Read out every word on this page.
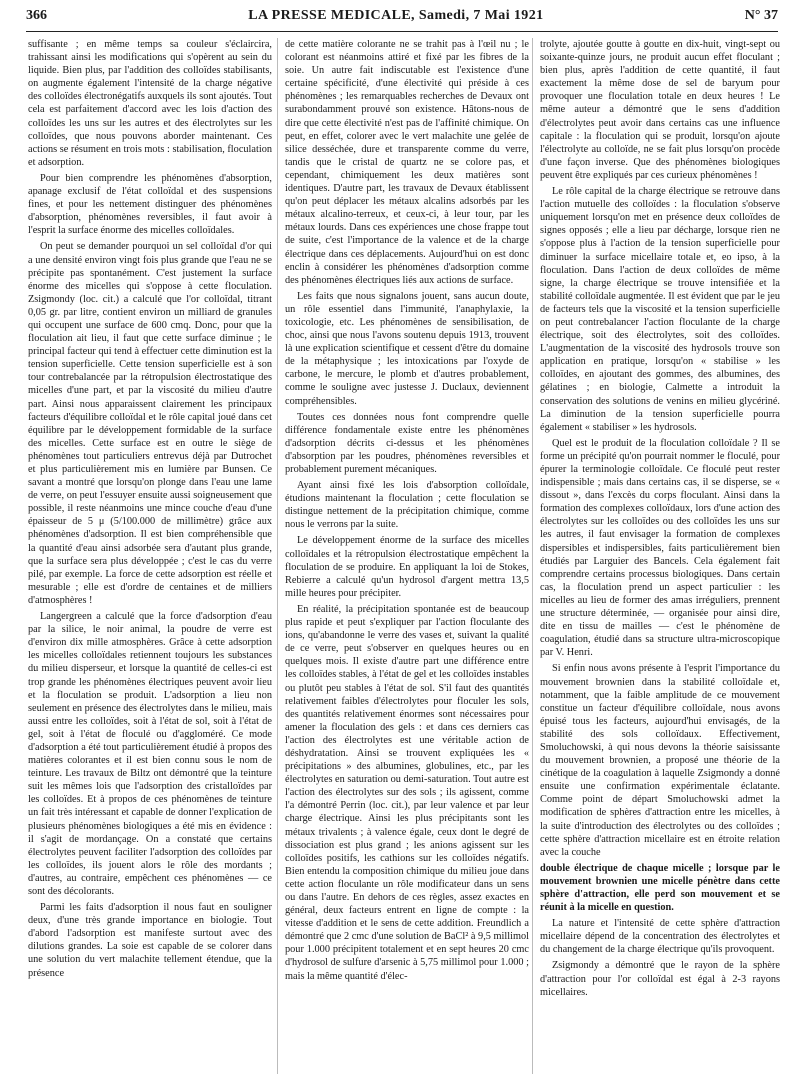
366	LA PRESSE MEDICALE, Samedi, 7 Mai 1921	N° 37

suffisante ; en même temps sa couleur s'éclaircira, trahissant ainsi les modifications qui s'opèrent au sein du liquide. Bien plus, par l'addition des colloïdes stabilisants, on augmente également l'intensité de la charge négative des colloïdes électronégatifs auxquels ils sont ajoutés. Tout cela est parfaitement d'accord avec les lois d'action des colloïdes les uns sur les autres et des électrolytes sur les colloïdes, que nous pouvons aborder maintenant. Ces actions se résument en trois mots : stabilisation, floculation et adsorption.

Pour bien comprendre les phénomènes d'absorption, apanage exclusif de l'état colloïdal et des suspensions fines, et pour les nettement distinguer des phénomènes d'absorption, phénomènes reversibles, il faut avoir à l'esprit la surface énorme des micelles colloïdales.

On peut se demander pourquoi un sel colloïdal d'or qui a une densité environ vingt fois plus grande que l'eau ne se précipite pas spontanément. C'est justement la surface énorme des micelles qui s'oppose à cette floculation. Zsigmondy (loc. cit.) a calculé que l'or colloïdal, titrant 0,05 gr. par litre, contient environ un milliard de granules qui occupent une surface de 600 cmq. Donc, pour que la floculation ait lieu, il faut que cette surface diminue ; le principal facteur qui tend à effectuer cette diminution est la tension superficielle. Cette tension superficielle est à son tour contrebalancée par la rétropulsion électrostatique des micelles d'une part, et par la viscosité du milieu d'autre part. Ainsi nous apparaissent clairement les principaux facteurs d'équilibre colloïdal et le rôle capital joué dans cet équilibre par le développement formidable de la surface des micelles. Cette surface est en outre le siège de phénomènes tout particuliers entrevus déjà par Dutrochet et plus particulièrement mis en lumière par Bunsen. Ce savant a montré que lorsqu'on plonge dans l'eau une lame de verre, on peut l'essuyer ensuite aussi soigneusement que possible, il reste néanmoins une mince couche d'eau d'une épaisseur de 5 μ (5/100.000 de millimètre) grâce aux phénomènes d'adsorption. Il est bien compréhensible que la quantité d'eau ainsi adsorbée sera d'autant plus grande, que la surface sera plus développée ; c'est le cas du verre pilé, par exemple. La force de cette adsorption est réelle et mesurable ; elle est d'ordre de centaines et de milliers d'atmosphères !

Langergreen a calculé que la force d'adsorption d'eau par la silice, le noir animal, la poudre de verre est d'environ dix mille atmosphères. Grâce à cette adsorption les micelles colloïdales retiennent toujours les substances du milieu disperseur, et lorsque la quantité de celles-ci est trop grande les phénomènes électriques peuvent avoir lieu et la floculation se produit. L'adsorption a lieu non seulement en présence des électrolytes dans le milieu, mais aussi entre les colloïdes, soit à l'état de sol, soit à l'état de gel, soit à l'état de floculé ou d'aggloméré. Ce mode d'adsorption a été tout particulièrement étudié à propos des matières colorantes et il est bien connu sous le nom de teinture. Les travaux de Biltz ont démontré que la teinture suit les mêmes lois que l'adsorption des cristalloïdes par les colloïdes. Et à propos de ces phénomènes de teinture un fait très intéressant et capable de donner l'explication de plusieurs phénomènes biologiques a été mis en évidence : il s'agit de mordançage. On a constaté que certains électrolytes peuvent faciliter l'adsorption des colloïdes par les colloïdes, ils jouent alors le rôle des mordants ; d'autres, au contraire, empêchent ces phénomènes — ce sont des décolorants.

Parmi les faits d'adsorption il nous faut en souligner deux, d'une très grande importance en biologie. Tout d'abord l'adsorption est manifeste surtout avec des dilutions grandes. La soie est capable de se colorer dans une solution du vert malachite tellement étendue, que la présence

de cette matière colorante ne se trahit pas à l'œil nu ; le colorant est néanmoins attiré et fixé par les fibres de la soie. Un autre fait indiscutable est l'existence d'une certaine spécificité, d'une électivité qui préside à ces phénomènes ; les remarquables recherches de Devaux ont surabondamment prouvé son existence. Hâtons-nous de dire que cette électivité n'est pas de l'affinité chimique. On peut, en effet, colorer avec le vert malachite une gelée de silice desséchée, dure et transparente comme du verre, tandis que le cristal de quartz ne se colore pas, et cependant, chimiquement les deux matières sont identiques. D'autre part, les travaux de Devaux établissent qu'on peut déplacer les métaux alcalins adsorbés par les métaux alcalino-terreux, et ceux-ci, à leur tour, par les métaux lourds. Dans ces expériences une chose frappe tout de suite, c'est l'importance de la valence et de la charge électrique dans ces déplacements. Aujourd'hui on est donc enclin à considérer les phénomènes d'adsorption comme des phénomènes électriques liés aux actions de surface.

Les faits que nous signalons jouent, sans aucun doute, un rôle essentiel dans l'immunité, l'anaphylaxie, la toxicologie, etc. Les phénomènes de sensibilisation, de choc, ainsi que nous l'avons soutenu depuis 1913, trouvent là une explication scientifique et cessent d'être du domaine de la métaphysique ; les intoxications par l'oxyde de carbone, le mercure, le plomb et d'autres probablement, comme le souligne avec justesse J. Duclaux, deviennent compréhensibles.

Toutes ces données nous font comprendre quelle différence fondamentale existe entre les phénomènes d'adsorption décrits ci-dessus et les phénomènes d'absorption par les poudres, phénomènes reversibles et probablement purement mécaniques.

Ayant ainsi fixé les lois d'absorption colloïdale, étudions maintenant la floculation ; cette floculation se distingue nettement de la précipitation chimique, comme nous le verrons par la suite.

Le développement énorme de la surface des micelles colloïdales et la rétropulsion électrostatique empêchent la floculation de se produire. En appliquant la loi de Stokes, Rebierre a calculé qu'un hydrosol d'argent mettra 13,5 mille heures pour précipiter.

En réalité, la précipitation spontanée est de beaucoup plus rapide et peut s'expliquer par l'action floculante des ions, qu'abandonne le verre des vases et, suivant la qualité de ce verre, peut s'observer en quelques heures ou en quelques mois. Il existe d'autre part une différence entre les colloïdes stables, à l'état de gel et les colloïdes instables ou plutôt peu stables à l'état de sol. S'il faut des quantités relativement faibles d'électrolytes pour floculer les sols, des quantités relativement énormes sont nécessaires pour amener la floculation des gels : et dans ces derniers cas l'action des électrolytes est une véritable action de déshydratation. Ainsi se trouvent expliquées les « précipitations » des albumines, globulines, etc., par les électrolytes en saturation ou demi-saturation. Tout autre est l'action des électrolytes sur des sols ; ils agissent, comme l'a démontré Perrin (loc. cit.), par leur valence et par leur charge électrique. Ainsi les plus précipitants sont les métaux trivalents ; à valence égale, ceux dont le degré de dissociation est plus grand ; les anions agissent sur les colloïdes positifs, les cathions sur les colloïdes négatifs. Bien entendu la composition chimique du milieu joue dans cette action floculante un rôle modificateur dans un sens ou dans l'autre. En dehors de ces règles, assez exactes en général, deux facteurs entrent en ligne de compte : la vitesse d'addition et le sens de cette addition. Freundlich a démontré que 2 cmc d'une solution de BaCl² à 9,5 millimol pour 1.000 précipitent totalement et en sept heures 20 cmc d'hydrosol de sulfure d'arsenic à 5,75 millimol pour 1.000 ; mais la même quantité d'élec-

trolyte, ajoutée goutte à goutte en dix-huit, vingt-sept ou soixante-quinze jours, ne produit aucun effet floculant ; bien plus, après l'addition de cette quantité, il faut exactement la même dose de sel de baryum pour provoquer une floculation totale en deux heures ! Le même auteur a démontré que le sens d'addition d'électrolytes peut avoir dans certains cas une influence capitale : la floculation qui se produit, lorsqu'on ajoute l'électrolyte au colloïde, ne se fait plus lorsqu'on procède d'une façon inverse. Que des phénomènes biologiques peuvent être expliqués par ces curieux phénomènes !

Le rôle capital de la charge électrique se retrouve dans l'action mutuelle des colloïdes : la floculation s'observe uniquement lorsqu'on met en présence deux colloïdes de signes opposés ; elle a lieu par décharge, lorsque rien ne s'oppose plus à l'action de la tension superficielle pour diminuer la surface micellaire totale et, eo ipso, à la floculation. Dans l'action de deux colloïdes de même signe, la charge électrique se trouve intensifiée et la stabilité colloïdale augmentée. Il est évident que par le jeu de facteurs tels que la viscosité et la tension superficielle on peut contrebalancer l'action floculante de la charge électrique, soit des électrolytes, soit des colloïdes. L'augmentation de la viscosité des hydrosols trouve son application en pratique, lorsqu'on « stabilise » les colloïdes, en ajoutant des gommes, des albumines, des gélatines ; en biologie, Calmette a introduit la conservation des solutions de venins en milieu glycériné. La diminution de la tension superficielle pourra également « stabiliser » les hydrosols.

Quel est le produit de la floculation colloïdale ? Il se forme un précipité qu'on pourrait nommer le floculé, pour épurer la terminologie colloïdale. Ce floculé peut rester indispensible ; mais dans certains cas, il se disperse, se « dissout », dans l'excès du corps floculant. Ainsi dans la formation des complexes colloïdaux, lors d'une action des électrolytes sur les colloïdes ou des colloïdes les uns sur les autres, il faut envisager la formation de complexes dispersibles et indispersibles, faits particulièrement bien étudiés par Larguier des Bancels. Cela également fait comprendre certains processus biologiques. Dans certain cas, la floculation prend un aspect particulier : les micelles au lieu de former des amas irréguliers, prennent une structure déterminée, — organisée pour ainsi dire, dite en tissu de mailles — c'est le phénomène de coagulation, étudié dans sa structure ultra-microscopique par V. Henri.

Si enfin nous avons présente à l'esprit l'importance du mouvement brownien dans la stabilité colloïdale et, notamment, que la faible amplitude de ce mouvement constitue un facteur d'équilibre colloïdale, nous avons épuisé tous les facteurs, aujourd'hui envisagés, de la stabilité des sols colloïdaux. Effectivement, Smoluchowski, à qui nous devons la théorie saisissante du mouvement brownien, a proposé une théorie de la cinétique de la coagulation à laquelle Zsigmondy a donné ensuite une confirmation expérimentale éclatante. Comme point de départ Smoluchowski admet la modification de sphères d'attraction entre les micelles, à la suite d'introduction des électrolytes ou des colloïdes ; cette sphère d'attraction micellaire est en étroite relation avec la couche

double électrique de chaque micelle ; lorsque par le mouvement brownien une micelle pénètre dans cette sphère d'attraction, elle perd son mouvement et se réunit à la micelle en question.

La nature et l'intensité de cette sphère d'attraction micellaire dépend de la concentration des électrolytes et du changement de la charge électrique qu'ils provoquent.

Zsigmondy a démontré que le rayon de la sphère d'attraction pour l'or colloïdal est égal à 2-3 rayons micellaires.
